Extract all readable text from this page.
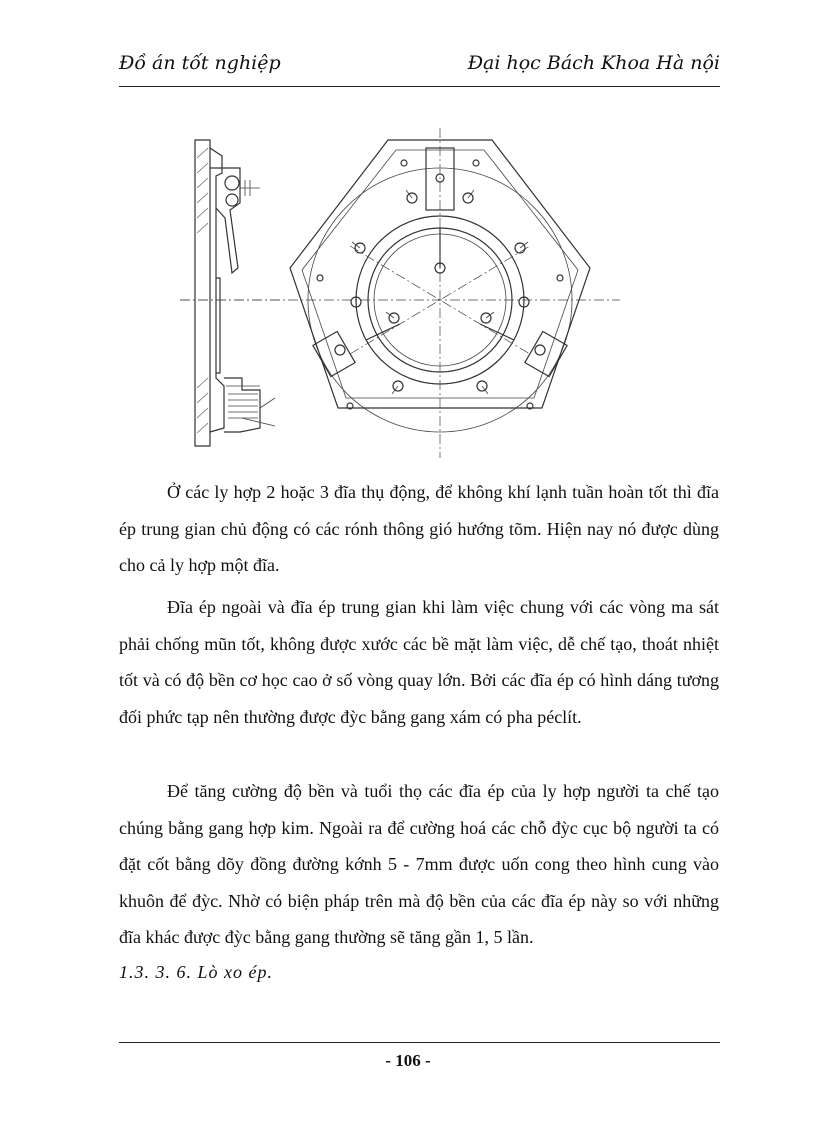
Đồ án tốt nghiệp	Đại học Bách Khoa Hà nội

Ở các ly hợp 2 hoặc 3 đĩa thụ động, để không khí lạnh tuần hoàn tốt thì đĩa ép trung gian chủ động có các rónh thông gió hướng tõm. Hiện nay nó được dùng cho cả ly hợp một đĩa.

Đĩa ép ngoài và đĩa ép trung gian khi làm việc chung với các vòng ma sát phải chống mũn tốt, không được xước các bề mặt làm việc, dễ chế tạo, thoát nhiệt tốt và có độ bền cơ học cao ở số vòng quay lớn. Bởi các đĩa ép có hình dáng tương đối phức tạp nên thường được đỳc bằng gang xám có pha péclít.

Để tăng cường độ bền và tuổi thọ các đĩa ép của ly hợp người ta chế tạo chúng bằng gang hợp kim. Ngoài ra để cường hoá các chỗ đỳc cục bộ người ta có đặt cốt bằng dõy đồng đường kớnh 5 - 7mm được uốn cong theo hình cung vào khuôn để đỳc. Nhờ có biện pháp trên mà độ bền của các đĩa ép này so với những đĩa khác được đỳc bằng gang thường sẽ tăng gần 1, 5 lần.

1.3. 3. 6. Lò xo ép.
- 106 -
